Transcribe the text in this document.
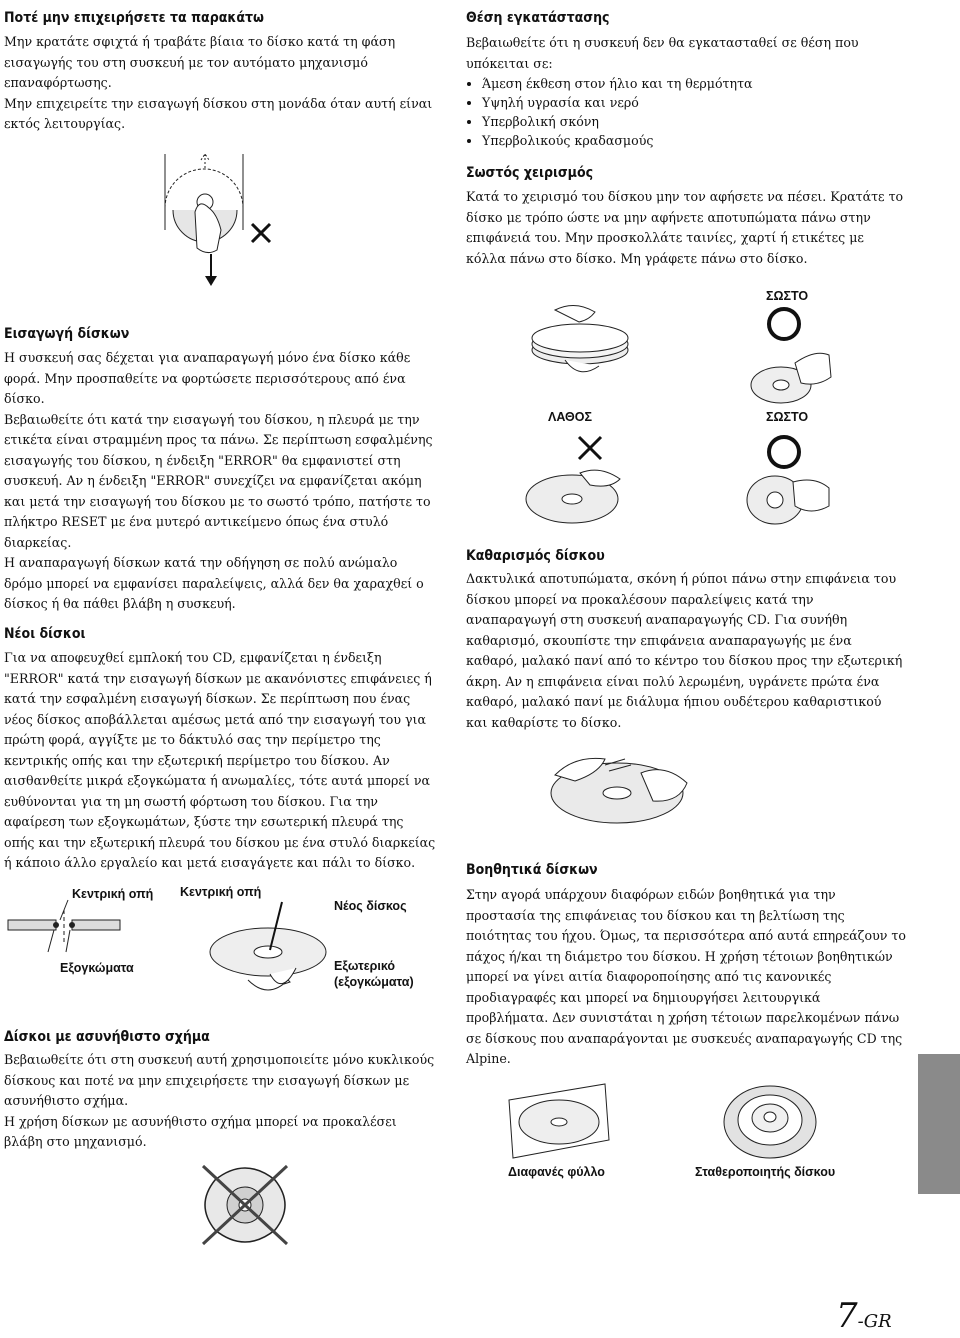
Ποτέ μην επιχειρήσετε τα παρακάτω

Μην κρατάτε σφιχτά ή τραβάτε βίαια το δίσκο κατά τη φάση εισαγωγής του στη συσκευή με τον αυτόματο μηχανισμό επαναφόρτωσης.

Μην επιχειρείτε την εισαγωγή δίσκου στη μονάδα όταν αυτή είναι εκτός λειτουργίας.

Εισαγωγή δίσκων

Η συσκευή σας δέχεται για αναπαραγωγή μόνο ένα δίσκο κάθε φορά. Μην προσπαθείτε να φορτώσετε περισσότερους από ένα δίσκο.

Βεβαιωθείτε ότι κατά την εισαγωγή του δίσκου, η πλευρά με την ετικέτα είναι στραμμένη προς τα πάνω. Σε περίπτωση εσφαλμένης εισαγωγής του δίσκου, η ένδειξη "ERROR" θα εμφανιστεί στη συσκευή. Αν η ένδειξη "ERROR" συνεχίζει να εμφανίζεται ακόμη και μετά την εισαγωγή του δίσκου με το σωστό τρόπο, πατήστε το πλήκτρο RESET με ένα μυτερό αντικείμενο όπως ένα στυλό διαρκείας.

Η αναπαραγωγή δίσκων κατά την οδήγηση σε πολύ ανώμαλο δρόμο μπορεί να εμφανίσει παραλείψεις, αλλά δεν θα χαραχθεί ο δίσκος ή θα πάθει βλάβη η συσκευή.

Νέοι δίσκοι

Για να αποφευχθεί εμπλοκή του CD, εμφανίζεται η ένδειξη "ERROR" κατά την εισαγωγή δίσκων με ακανόνιστες επιφάνειες ή κατά την εσφαλμένη εισαγωγή δίσκων. Σε περίπτωση που ένας νέος δίσκος αποβάλλεται αμέσως μετά από την εισαγωγή του για πρώτη φορά, αγγίξτε με το δάκτυλό σας την περίμετρο της κεντρικής οπής και την εξωτερική περίμετρο του δίσκου. Αν αισθανθείτε μικρά εξογκώματα ή ανωμαλίες, τότε αυτά μπορεί να ευθύνονται για τη μη σωστή φόρτωση του δίσκου. Για την αφαίρεση των εξογκωμάτων, ξύστε την εσωτερική πλευρά της οπής και την εξωτερική πλευρά του δίσκου με ένα στυλό διαρκείας ή κάποιο άλλο εργαλείο και μετά εισαγάγετε και πάλι το δίσκο.

Κεντρική οπή Κεντρική οπή
Νέος δίσκος
Εξογκώματα	Εξωτερικό
(εξογκώματα)
Δίσκοι με ασυνήθιστο σχήμα

Βεβαιωθείτε ότι στη συσκευή αυτή χρησιμοποιείτε μόνο κυκλικούς δίσκους και ποτέ να μην επιχειρήσετε την εισαγωγή δίσκων με ασυνήθιστο σχήμα.

Η χρήση δίσκων με ασυνήθιστο σχήμα μπορεί να προκαλέσει βλάβη στο μηχανισμό.

Θέση εγκατάστασης

Βεβαιωθείτε ότι η συσκευή δεν θα εγκατασταθεί σε θέση που υπόκειται σε:

• Άμεση έκθεση στον ήλιο και τη θερμότητα
• Υψηλή υγρασία και νερό
• Υπερβολική σκόνη
• Υπερβολικούς κραδασμούς
Σωστός χειρισμός

Κατά το χειρισμό του δίσκου μην τον αφήσετε να πέσει. Κρατάτε το δίσκο με τρόπο ώστε να μην αφήνετε αποτυπώματα πάνω στην επιφάνειά του. Μην προσκολλάτε ταινίες, χαρτί ή ετικέτες με κόλλα πάνω στο δίσκο. Μη γράφετε πάνω στο δίσκο.

ΣΩΣΤΟ
ΛΑΘΟΣ	ΣΩΣΤΟ
Καθαρισμός δίσκου

Δακτυλικά αποτυπώματα, σκόνη ή ρύποι πάνω στην επιφάνεια του δίσκου μπορεί να προκαλέσουν παραλείψεις κατά την αναπαραγωγή στη συσκευή αναπαραγωγής CD. Για συνήθη καθαρισμό, σκουπίστε την επιφάνεια αναπαραγωγής με ένα καθαρό, μαλακό πανί από το κέντρο του δίσκου προς την εξωτερική άκρη. Αν η επιφάνεια είναι πολύ λερωμένη, υγράνετε πρώτα ένα καθαρό, μαλακό πανί με διάλυμα ήπιου ουδέτερου καθαριστικού και καθαρίστε το δίσκο.

Βοηθητικά δίσκων

Στην αγορά υπάρχουν διαφόρων ειδών βοηθητικά για την προστασία της επιφάνειας του δίσκου και τη βελτίωση της ποιότητας του ήχου. Όμως, τα περισσότερα από αυτά επηρεάζουν το πάχος ή/και τη διάμετρο του δίσκου. Η χρήση τέτοιων βοηθητικών μπορεί να γίνει αιτία διαφοροποίησης από τις κανονικές προδιαγραφές και μπορεί να δημιουργήσει λειτουργικά προβλήματα. Δεν συνιστάται η χρήση τέτοιων παρελκομένων πάνω σε δίσκους που αναπαράγονται με συσκευές αναπαραγωγής CD της Alpine.

Διαφανές φύλλο	Σταθεροποιητής δίσκου
7-GR
